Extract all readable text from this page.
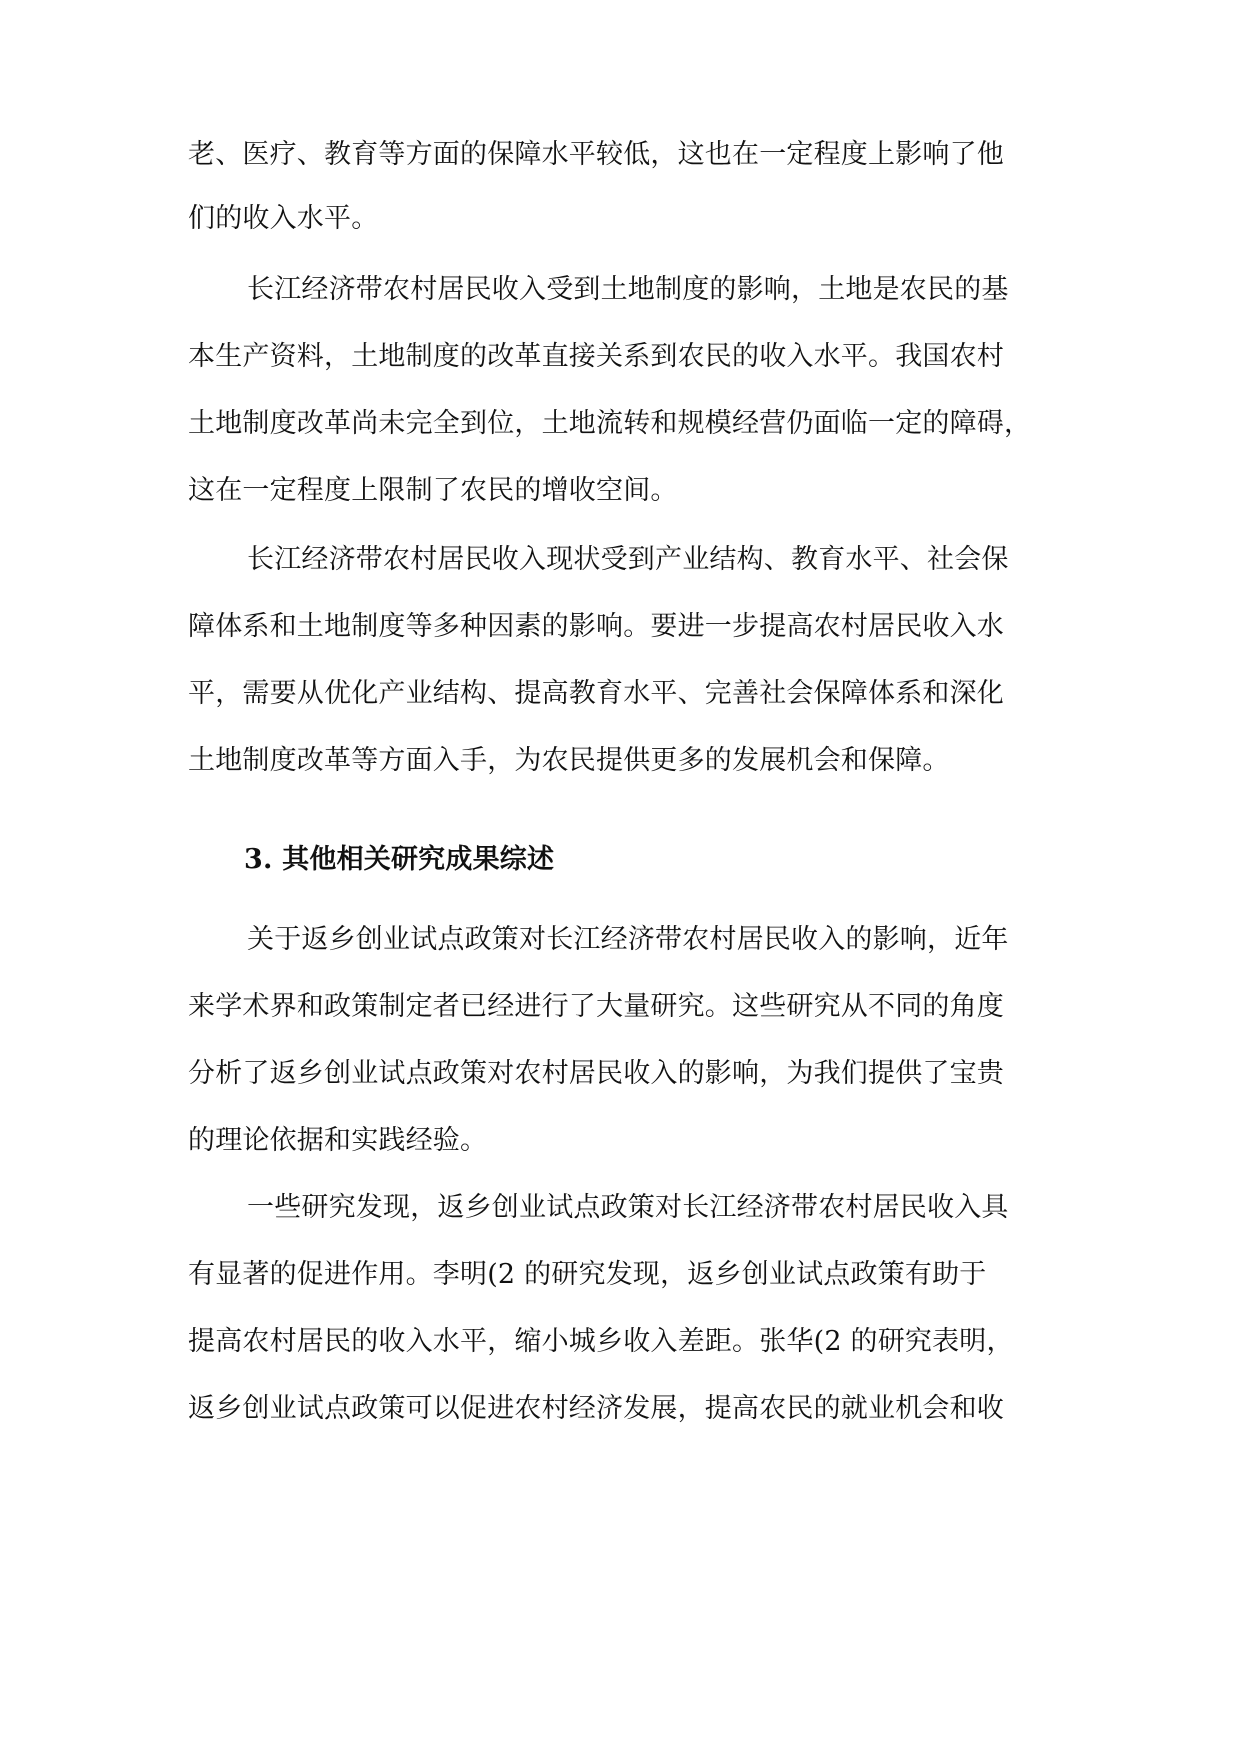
老、医疗、教育等方面的保障水平较低，这也在一定程度上影响了他
们的收入水平。
长江经济带农村居民收入受到土地制度的影响，土地是农民的基
本生产资料，土地制度的改革直接关系到农民的收入水平。我国农村
土地制度改革尚未完全到位，土地流转和规模经营仍面临一定的障碍，
这在一定程度上限制了农民的增收空间。
长江经济带农村居民收入现状受到产业结构、教育水平、社会保
障体系和土地制度等多种因素的影响。要进一步提高农村居民收入水
平，需要从优化产业结构、提高教育水平、完善社会保障体系和深化
土地制度改革等方面入手，为农民提供更多的发展机会和保障。
3. 其他相关研究成果综述
关于返乡创业试点政策对长江经济带农村居民收入的影响，近年
来学术界和政策制定者已经进行了大量研究。这些研究从不同的角度
分析了返乡创业试点政策对农村居民收入的影响，为我们提供了宝贵
的理论依据和实践经验。
一些研究发现，返乡创业试点政策对长江经济带农村居民收入具
有显著的促进作用。李明(2 的研究发现，返乡创业试点政策有助于
提高农村居民的收入水平，缩小城乡收入差距。张华(2 的研究表明，
返乡创业试点政策可以促进农村经济发展，提高农民的就业机会和收
